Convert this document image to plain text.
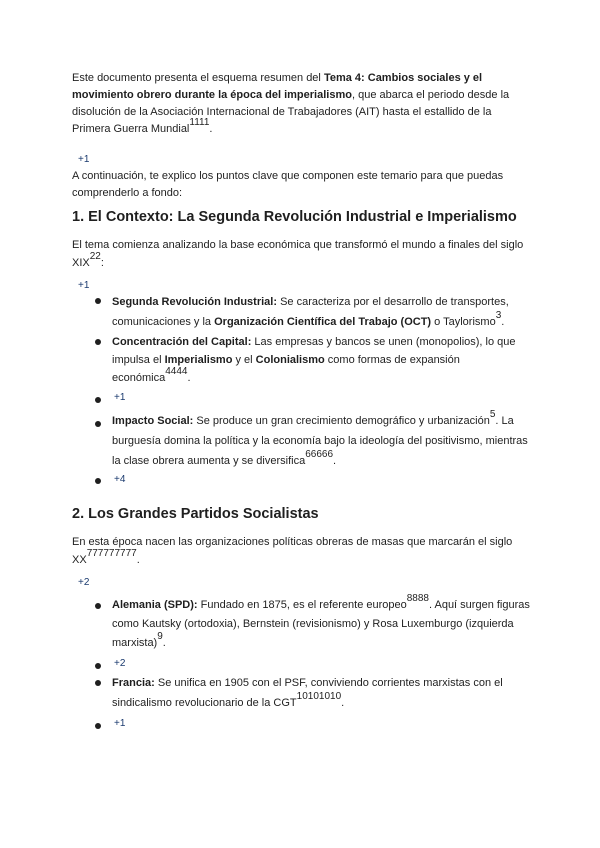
Este documento presenta el esquema resumen del Tema 4: Cambios sociales y el movimiento obrero durante la época del imperialismo, que abarca el periodo desde la disolución de la Asociación Internacional de Trabajadores (AIT) hasta el estallido de la Primera Guerra Mundial$^{1111}$.
+1
A continuación, te explico los puntos clave que componen este temario para que puedas comprenderlo a fondo:
1. El Contexto: La Segunda Revolución Industrial e Imperialismo
El tema comienza analizando la base económica que transformó el mundo a finales del siglo $XIX^{22}$:
+1
Segunda Revolución Industrial: Se caracteriza por el desarrollo de transportes, comunicaciones y la Organización Científica del Trabajo (OCT) o Taylorismo$^3$.
Concentración del Capital: Las empresas y bancos se unen (monopolios), lo que impulsa el Imperialismo y el Colonialismo como formas de expansión económica$^{4444}$.
+1
Impacto Social: Se produce un gran crecimiento demográfico y urbanización$^5$. La burguesía domina la política y la economía bajo la ideología del positivismo, mientras la clase obrera aumenta y se diversifica$^{66666}$.
+4
2. Los Grandes Partidos Socialistas
En esta época nacen las organizaciones políticas obreras de masas que marcarán el siglo $XX^{777777777}$.
+2
Alemania (SPD): Fundado en 1875, es el referente europeo$^{8888}$. Aquí surgen figuras como Kautsky (ortodoxia), Bernstein (revisionismo) y Rosa Luxemburgo (izquierda marxista)$^9$.
+2
Francia: Se unifica en 1905 con el PSF, conviviendo corrientes marxistas con el sindicalismo revolucionario de la $CGT^{10101010}$.
+1
